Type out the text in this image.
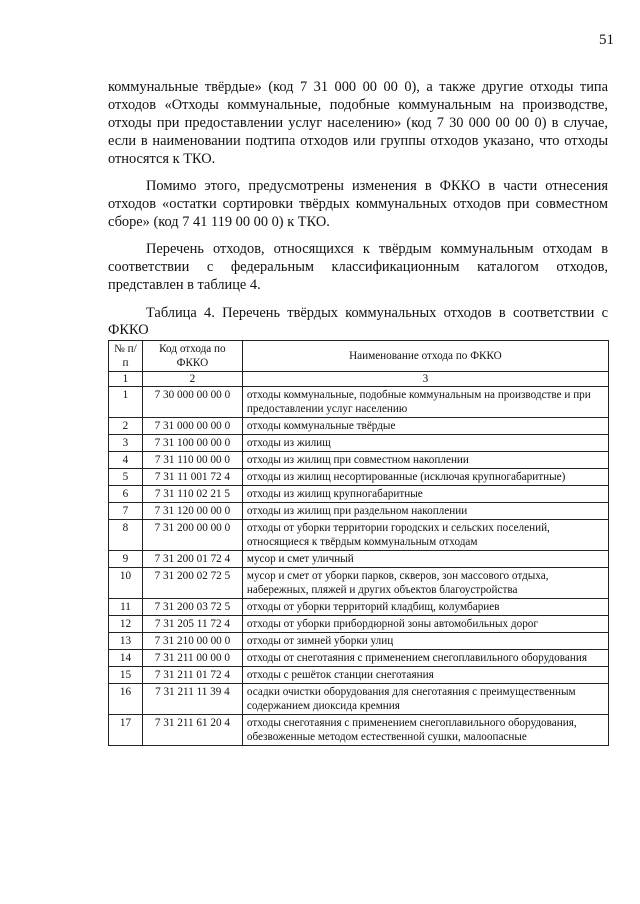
51

коммунальные твёрдые» (код 7 31 000 00 00 0), а также другие отходы типа отходов «Отходы коммунальные, подобные коммунальным на производстве, отходы при предоставлении услуг населению» (код 7 30 000 00 00 0) в случае, если в наименовании подтипа отходов или группы отходов указано, что отходы относятся к ТКО.

Помимо этого, предусмотрены изменения в ФККО в части отнесения отходов «остатки сортировки твёрдых коммунальных отходов при совместном сборе» (код 7 41 119 00 00 0) к ТКО.

Перечень отходов, относящихся к твёрдым коммунальным отходам в соответствии с федеральным классификационным каталогом отходов, представлен в таблице 4.

Таблица 4. Перечень твёрдых коммунальных отходов в соответствии с ФККО

№ п/п	Код отхода по ФККО	Наименование отхода по ФККО
1	2	3
1	7 30 000 00 00 0	отходы коммунальные, подобные коммунальным на производстве и при предоставлении услуг населению
2	7 31 000 00 00 0	отходы коммунальные твёрдые
3	7 31 100 00 00 0	отходы из жилищ
4	7 31 110 00 00 0	отходы из жилищ при совместном накоплении
5	7 31 11 001 72 4	отходы из жилищ несортированные (исключая крупногабаритные)
6	7 31 110 02 21 5	отходы из жилищ крупногабаритные
7	7 31 120 00 00 0	отходы из жилищ при раздельном накоплении
8	7 31 200 00 00 0	отходы от уборки территории городских и сельских поселений, относящиеся к твёрдым коммунальным отходам
9	7 31 200 01 72 4	мусор и смет уличный
10	7 31 200 02 72 5	мусор и смет от уборки парков, скверов, зон массового отдыха, набережных, пляжей и других объектов благоустройства
11	7 31 200 03 72 5	отходы от уборки территорий кладбищ, колумбариев
12	7 31 205 11 72 4	отходы от уборки прибордюрной зоны автомобильных дорог
13	7 31 210 00 00 0	отходы от зимней уборки улиц
14	7 31 211 00 00 0	отходы от снеготаяния с применением снегоплавильного оборудования
15	7 31 211 01 72 4	отходы с решёток станции снеготаяния
16	7 31 211 11 39 4	осадки очистки оборудования для снеготаяния с преимущественным содержанием диоксида кремния
17	7 31 211 61 20 4	отходы снеготаяния с применением снегоплавильного оборудования, обезвоженные методом естественной сушки, малоопасные
